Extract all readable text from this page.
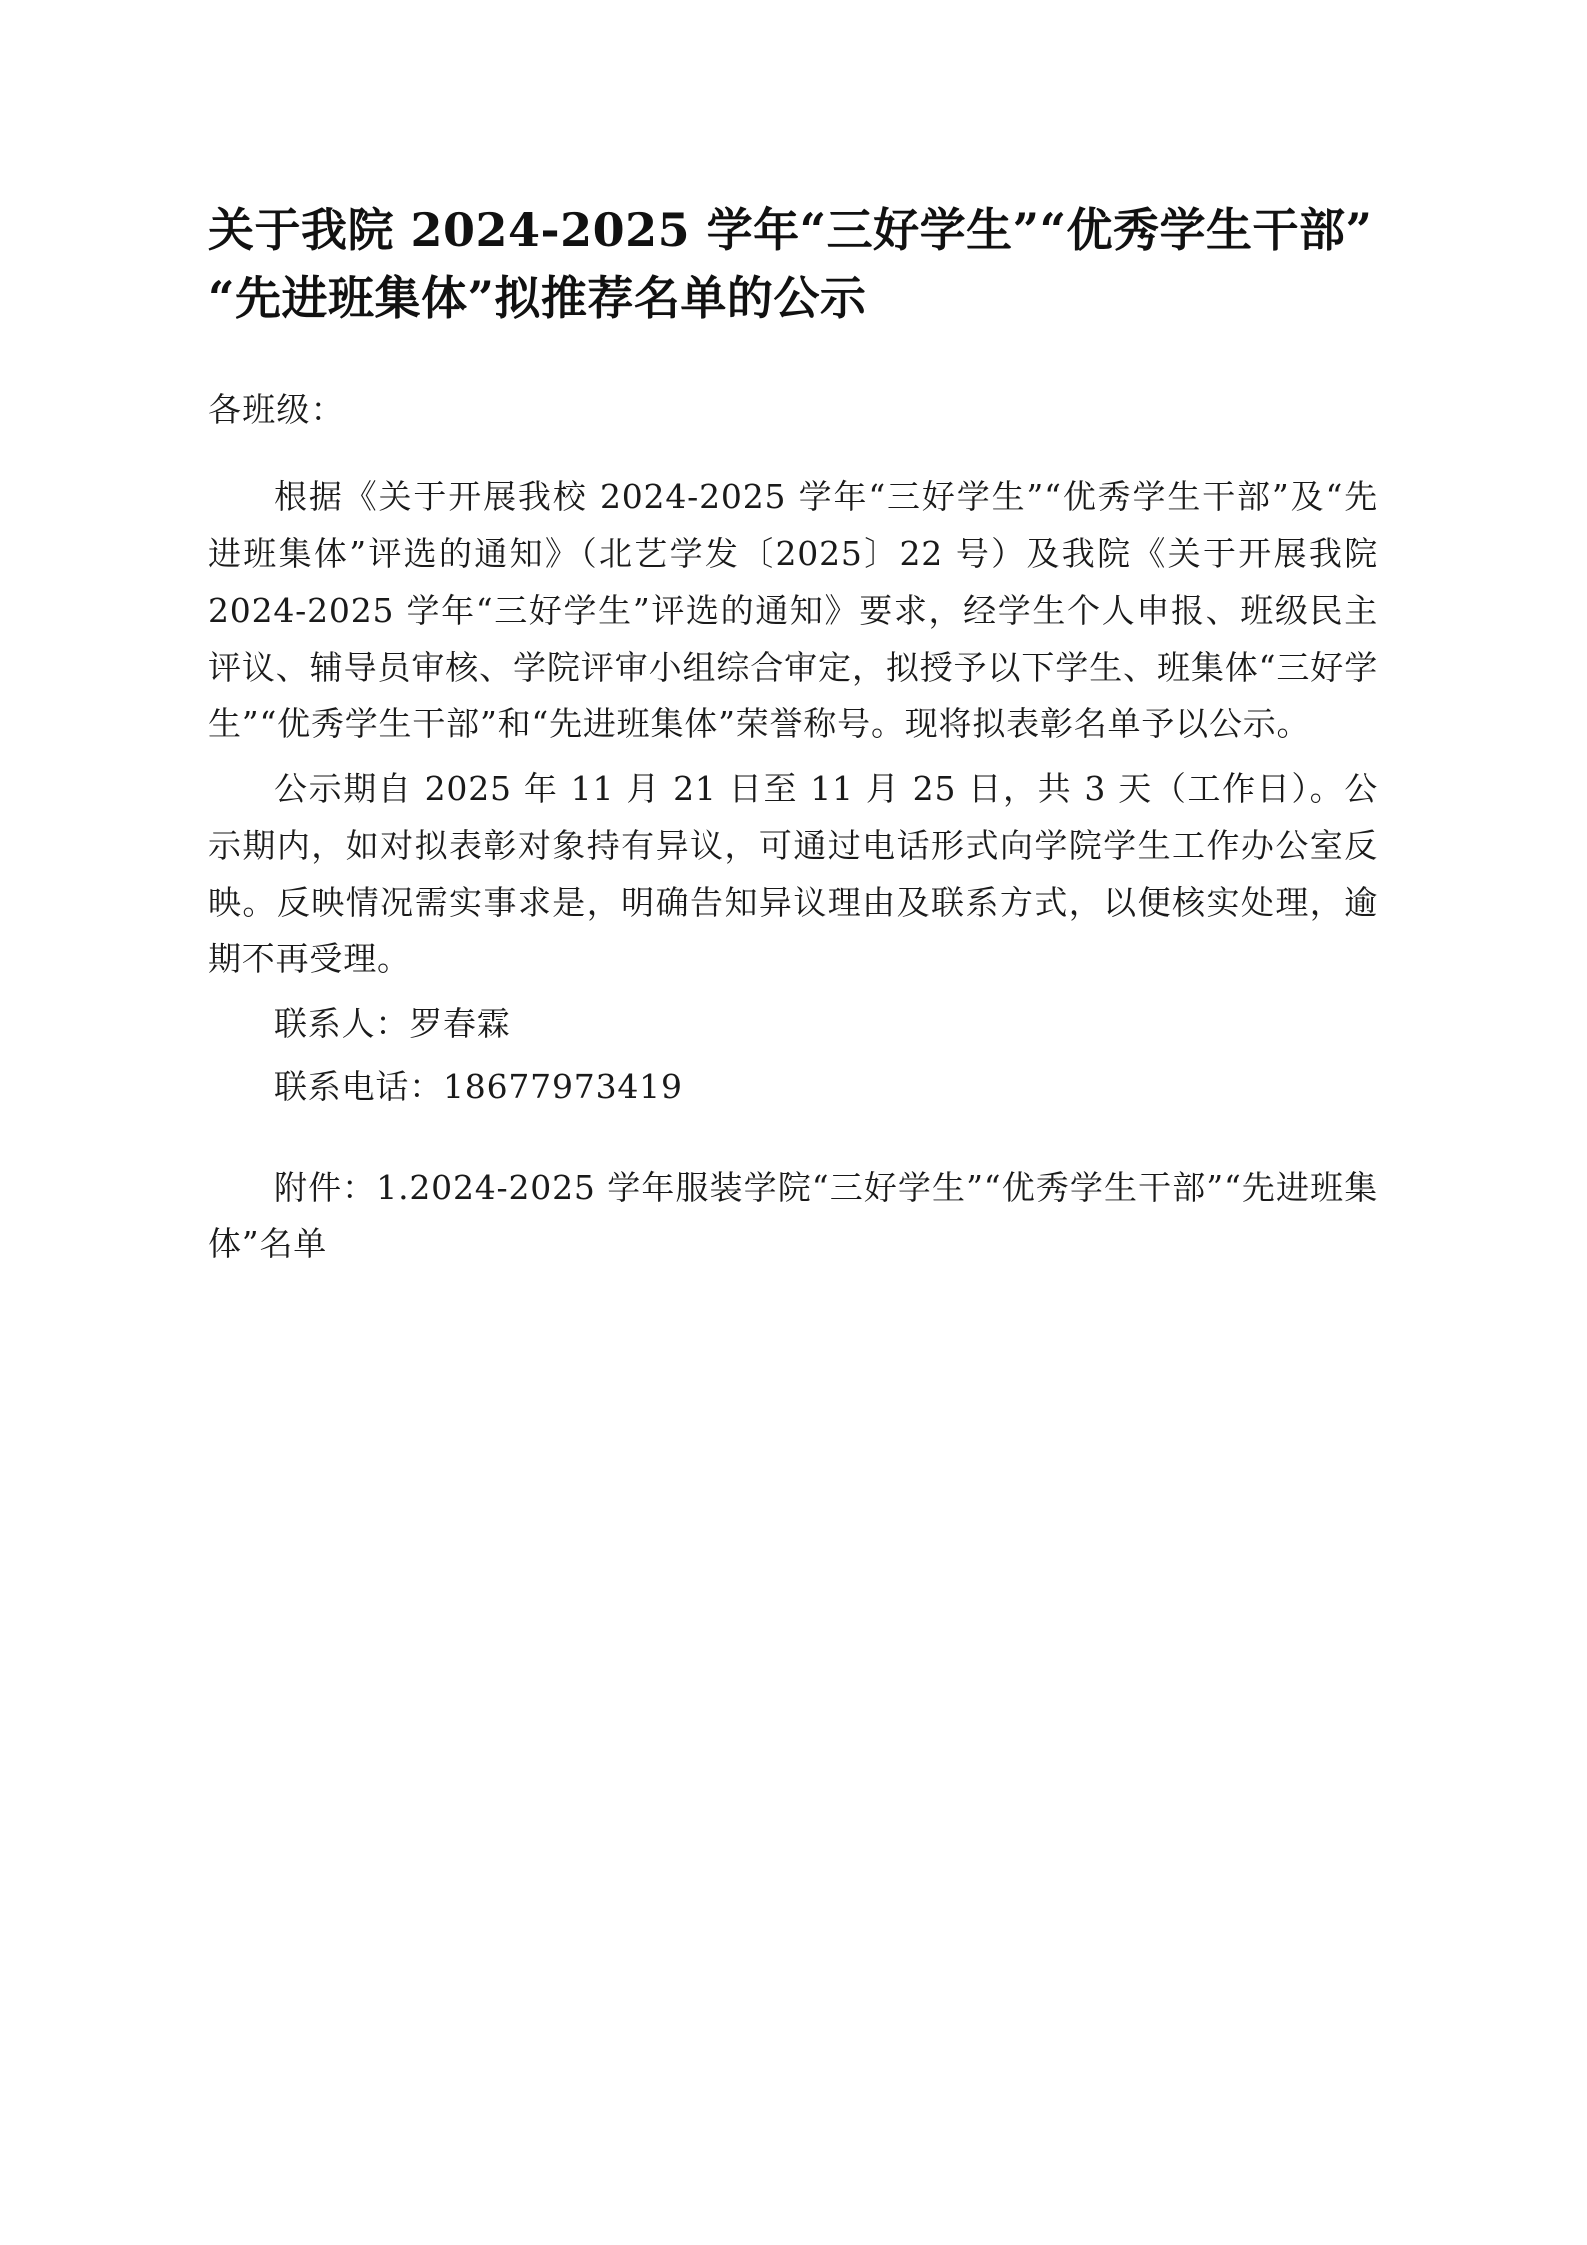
关于我院 2024-2025 学年“三好学生”“优秀学生干部”“先进班集体”拟推荐名单的公示

各班级：

根据《关于开展我校 2024-2025 学年“三好学生”“优秀学生干部”及“先进班集体”评选的通知》（北艺学发〔2025〕22 号）及我院《关于开展我院 2024-2025 学年“三好学生”评选的通知》要求，经学生个人申报、班级民主评议、辅导员审核、学院评审小组综合审定，拟授予以下学生、班集体“三好学生”“优秀学生干部”和“先进班集体”荣誉称号。现将拟表彰名单予以公示。

公示期自 2025 年 11 月 21 日至 11 月 25 日，共 3 天（工作日）。公示期内，如对拟表彰对象持有异议，可通过电话形式向学院学生工作办公室反映。反映情况需实事求是，明确告知异议理由及联系方式，以便核实处理，逾期不再受理。

联系人：罗春霖

联系电话：18677973419

附件：1.2024-2025 学年服装学院“三好学生”“优秀学生干部”“先进班集体”名单
